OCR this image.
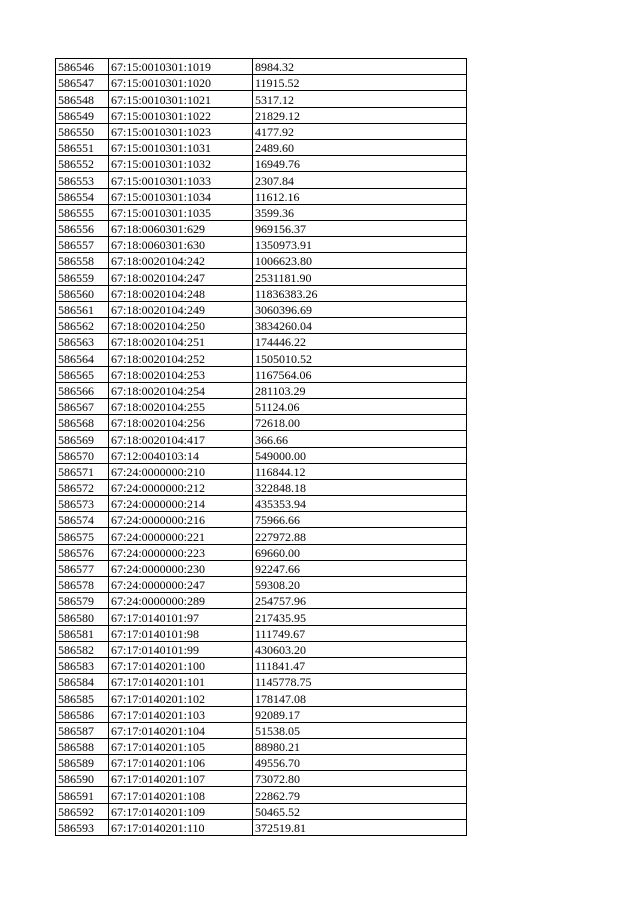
586546	67:15:0010301:1019	8984.32
586547	67:15:0010301:1020	11915.52
586548	67:15:0010301:1021	5317.12
586549	67:15:0010301:1022	21829.12
586550	67:15:0010301:1023	4177.92
586551	67:15:0010301:1031	2489.60
586552	67:15:0010301:1032	16949.76
586553	67:15:0010301:1033	2307.84
586554	67:15:0010301:1034	11612.16
586555	67:15:0010301:1035	3599.36
586556	67:18:0060301:629	969156.37
586557	67:18:0060301:630	1350973.91
586558	67:18:0020104:242	1006623.80
586559	67:18:0020104:247	2531181.90
586560	67:18:0020104:248	11836383.26
586561	67:18:0020104:249	3060396.69
586562	67:18:0020104:250	3834260.04
586563	67:18:0020104:251	174446.22
586564	67:18:0020104:252	1505010.52
586565	67:18:0020104:253	1167564.06
586566	67:18:0020104:254	281103.29
586567	67:18:0020104:255	51124.06
586568	67:18:0020104:256	72618.00
586569	67:18:0020104:417	366.66
586570	67:12:0040103:14	549000.00
586571	67:24:0000000:210	116844.12
586572	67:24:0000000:212	322848.18
586573	67:24:0000000:214	435353.94
586574	67:24:0000000:216	75966.66
586575	67:24:0000000:221	227972.88
586576	67:24:0000000:223	69660.00
586577	67:24:0000000:230	92247.66
586578	67:24:0000000:247	59308.20
586579	67:24:0000000:289	254757.96
586580	67:17:0140101:97	217435.95
586581	67:17:0140101:98	111749.67
586582	67:17:0140101:99	430603.20
586583	67:17:0140201:100	111841.47
586584	67:17:0140201:101	1145778.75
586585	67:17:0140201:102	178147.08
586586	67:17:0140201:103	92089.17
586587	67:17:0140201:104	51538.05
586588	67:17:0140201:105	88980.21
586589	67:17:0140201:106	49556.70
586590	67:17:0140201:107	73072.80
586591	67:17:0140201:108	22862.79
586592	67:17:0140201:109	50465.52
586593	67:17:0140201:110	372519.81
